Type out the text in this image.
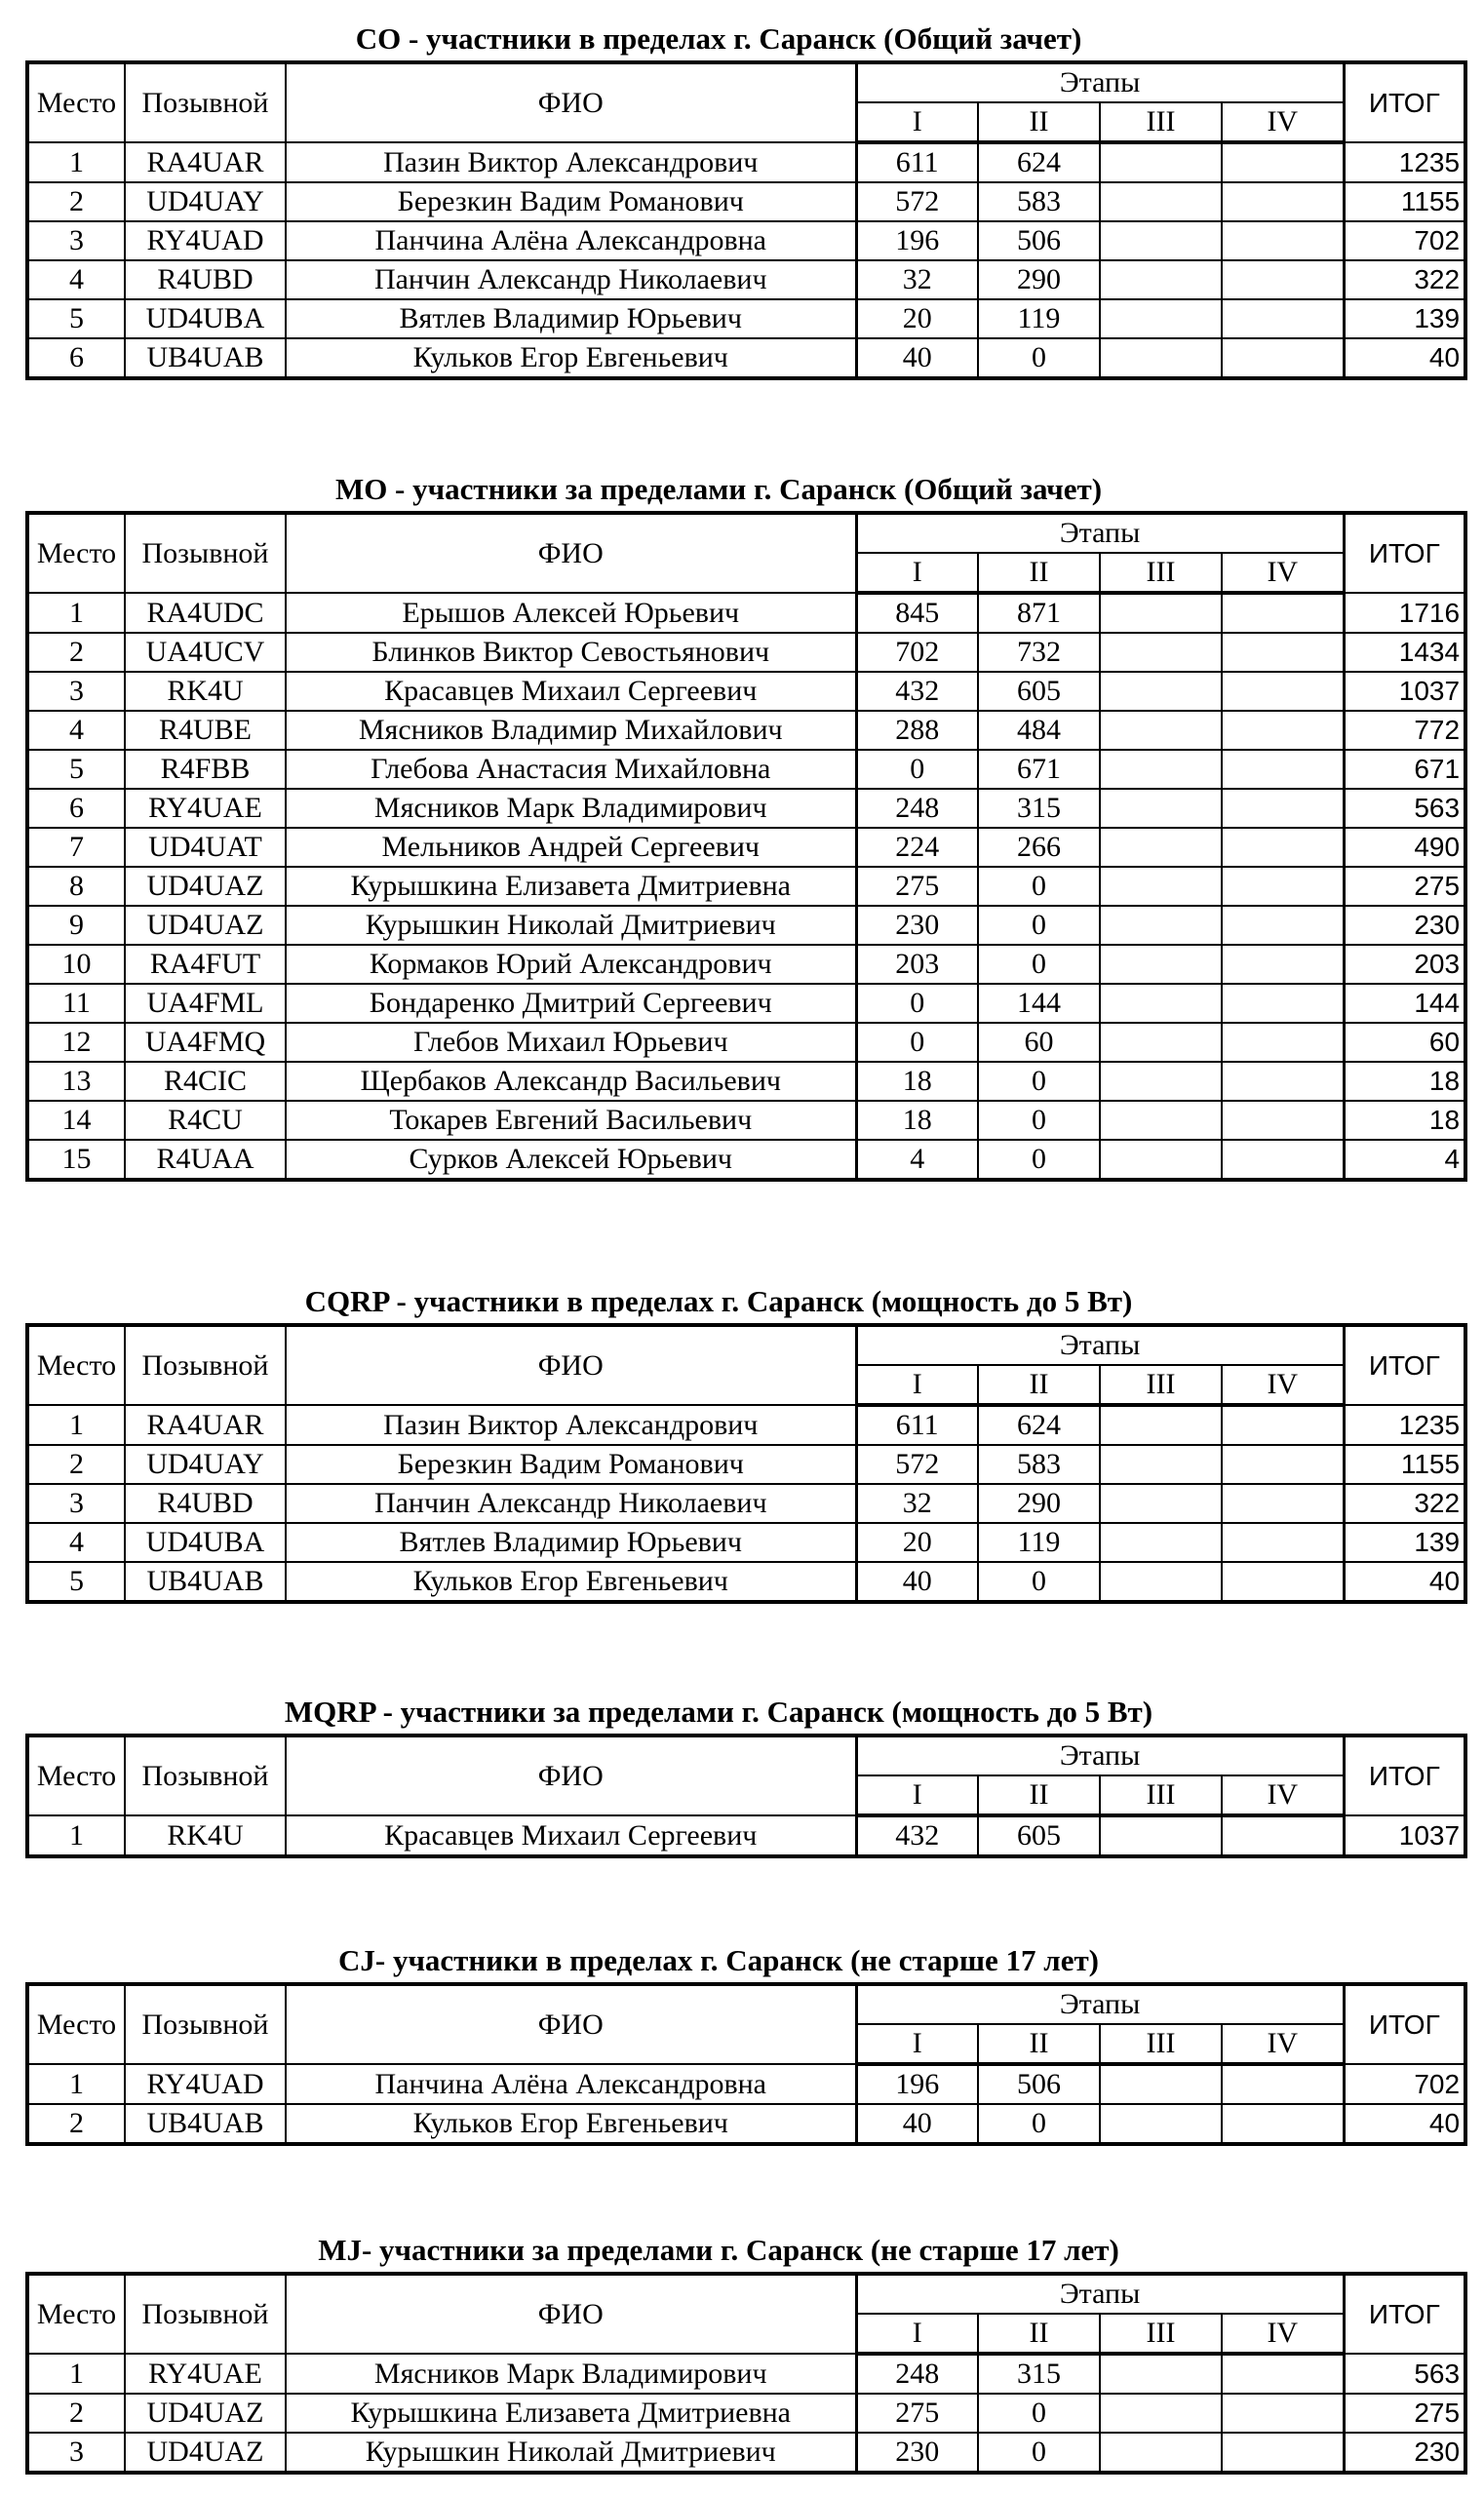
CO - участники в пределах г. Саранск (Общий зачет)
Место	Позывной	ФИО	Этапы				ИТОГ
			I	II	III	IV	
1	RA4UAR	Пазин Виктор Александрович	611	624			1235
2	UD4UAY	Березкин Вадим Романович	572	583			1155
3	RY4UAD	Панчина Алёна Александровна	196	506			702
4	R4UBD	Панчин Александр Николаевич	32	290			322
5	UD4UBA	Вятлев Владимир Юрьевич	20	119			139
6	UB4UAB	Кульков Егор Евгеньевич	40	0			40
MO - участники за пределами г. Саранск (Общий зачет)
Место	Позывной	ФИО	Этапы				ИТОГ
			I	II	III	IV	
1	RA4UDC	Ерышов Алексей Юрьевич	845	871			1716
2	UA4UCV	Блинков Виктор Севостьянович	702	732			1434
3	RK4U	Красавцев Михаил Сергеевич	432	605			1037
4	R4UBE	Мясников Владимир Михайлович	288	484			772
5	R4FBB	Глебова Анастасия Михайловна	0	671			671
6	RY4UAE	Мясников Марк Владимирович	248	315			563
7	UD4UAT	Мельников Андрей Сергеевич	224	266			490
8	UD4UAZ	Курышкина Елизавета Дмитриевна	275	0			275
9	UD4UAZ	Курышкин Николай Дмитриевич	230	0			230
10	RA4FUT	Кормаков Юрий Александрович	203	0			203
11	UA4FML	Бондаренко Дмитрий Сергеевич	0	144			144
12	UA4FMQ	Глебов Михаил Юрьевич	0	60			60
13	R4CIC	Щербаков Александр Васильевич	18	0			18
14	R4CU	Токарев Евгений Васильевич	18	0			18
15	R4UAA	Сурков Алексей Юрьевич	4	0			4
CQRP - участники в пределах г. Саранск (мощность до 5 Вт)
Место	Позывной	ФИО	Этапы				ИТОГ
			I	II	III	IV	
1	RA4UAR	Пазин Виктор Александрович	611	624			1235
2	UD4UAY	Березкин Вадим Романович	572	583			1155
3	R4UBD	Панчин Александр Николаевич	32	290			322
4	UD4UBA	Вятлев Владимир Юрьевич	20	119			139
5	UB4UAB	Кульков Егор Евгеньевич	40	0			40
MQRP - участники за пределами г. Саранск (мощность до 5 Вт)
Место	Позывной	ФИО	Этапы				ИТОГ
			I	II	III	IV	
1	RK4U	Красавцев Михаил Сергеевич	432	605			1037
CJ- участники в пределах г. Саранск (не старше 17 лет)
Место	Позывной	ФИО	Этапы				ИТОГ
			I	II	III	IV	
1	RY4UAD	Панчина Алёна Александровна	196	506			702
2	UB4UAB	Кульков Егор Евгеньевич	40	0			40
MJ- участники за пределами г. Саранск (не старше 17 лет)
Место	Позывной	ФИО	Этапы				ИТОГ
			I	II	III	IV	
1	RY4UAE	Мясников Марк Владимирович	248	315			563
2	UD4UAZ	Курышкина Елизавета Дмитриевна	275	0			275
3	UD4UAZ	Курышкин Николай Дмитриевич	230	0			230
